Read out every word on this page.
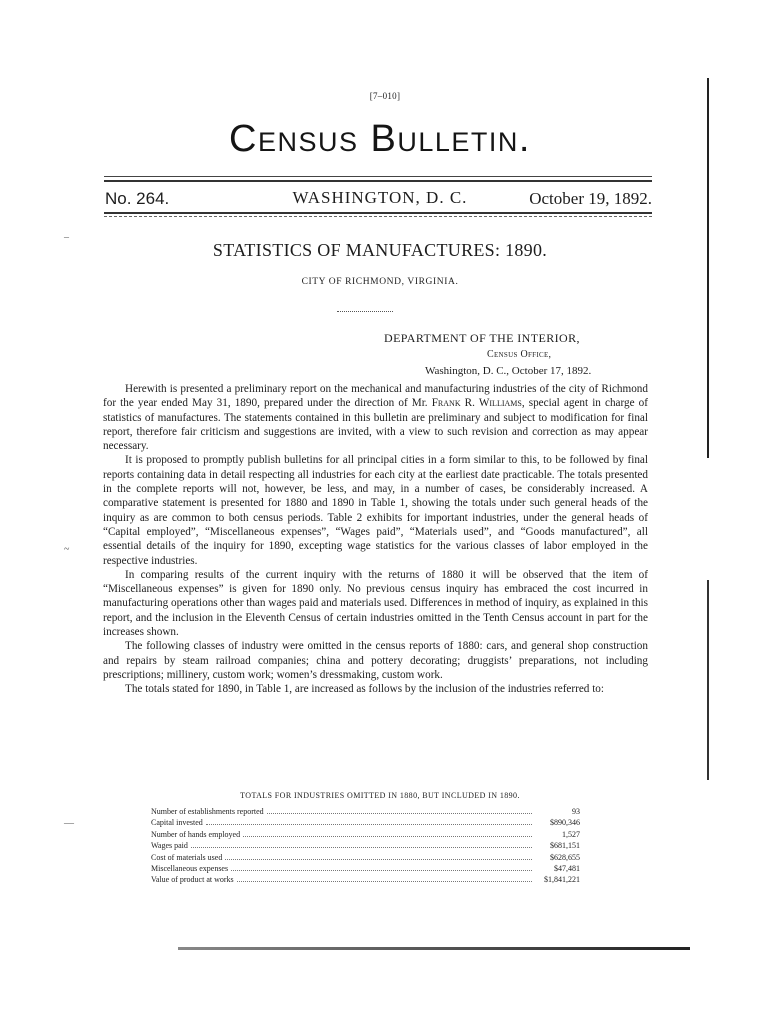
[7–010]
Census Bulletin.
No. 264.	WASHINGTON, D. C.	October 19, 1892.
STATISTICS OF MANUFACTURES: 1890.
CITY OF RICHMOND, VIRGINIA.
DEPARTMENT OF THE INTERIOR,
Census Office,
Washington, D. C., October 17, 1892.

Herewith is presented a preliminary report on the mechanical and manufacturing industries of the city of Richmond for the year ended May 31, 1890, prepared under the direction of Mr. Frank R. Williams, special agent in charge of statistics of manufactures. The statements contained in this bulletin are preliminary and subject to modification for final report, therefore fair criticism and suggestions are invited, with a view to such revision and correction as may appear necessary.

It is proposed to promptly publish bulletins for all principal cities in a form similar to this, to be followed by final reports containing data in detail respecting all industries for each city at the earliest date practicable. The totals presented in the complete reports will not, however, be less, and may, in a number of cases, be considerably increased. A comparative statement is presented for 1880 and 1890 in Table 1, showing the totals under such general heads of the inquiry as are common to both census periods. Table 2 exhibits for important industries, under the general heads of “Capital employed”, “Miscellaneous expenses”, “Wages paid”, “Materials used”, and “Goods manufactured”, all essential details of the inquiry for 1890, excepting wage statistics for the various classes of labor employed in the respective industries.

In comparing results of the current inquiry with the returns of 1880 it will be observed that the item of “Miscellaneous expenses” is given for 1890 only. No previous census inquiry has embraced the cost incurred in manufacturing operations other than wages paid and materials used. Differences in method of inquiry, as explained in this report, and the inclusion in the Eleventh Census of certain industries omitted in the Tenth Census account in part for the increases shown.

The following classes of industry were omitted in the census reports of 1880: cars, and general shop construction and repairs by steam railroad companies; china and pottery decorating; druggists’ preparations, not including prescriptions; millinery, custom work; women’s dressmaking, custom work.

The totals stated for 1890, in Table 1, are increased as follows by the inclusion of the industries referred to:

TOTALS FOR INDUSTRIES OMITTED IN 1880, BUT INCLUDED IN 1890.
Number of establishments reported	93
Capital invested	$890,346
Number of hands employed	1,527
Wages paid	$681,151
Cost of materials used	$628,655
Miscellaneous expenses	$47,481
Value of product at works	$1,841,221
–
~
—
